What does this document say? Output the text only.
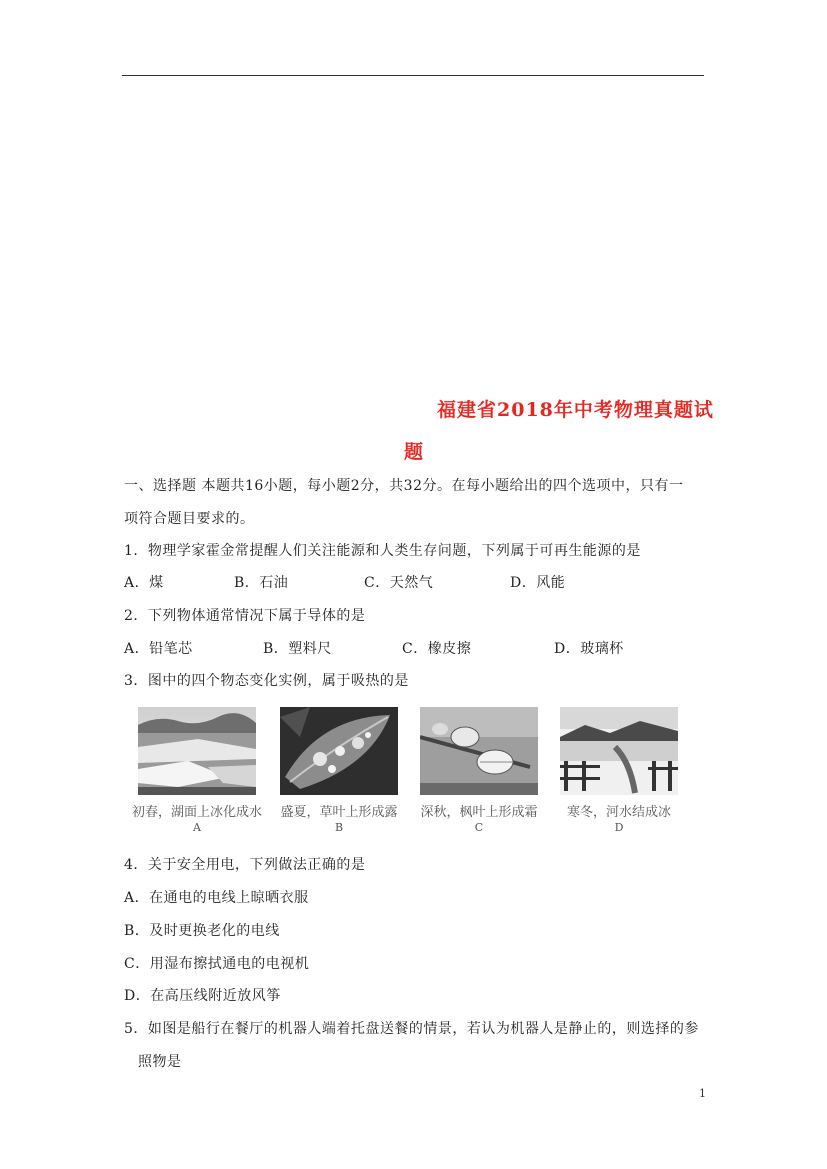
福建省2018年中考物理真题试
题
一、选择题 本题共16小题，每小题2分，共32分。在每小题给出的四个选项中，只有一
项符合题目要求的。
1．物理学家霍金常提醒人们关注能源和人类生存问题，下列属于可再生能源的是
A．煤	B．石油	C．天然气	D．风能
2．下列物体通常情况下属于导体的是
A．铅笔芯	B．塑料尺	C．橡皮擦	D．玻璃杯
3．图中的四个物态变化实例，属于吸热的是
初春，湖面上冰化成水
A
盛夏，草叶上形成露
B
深秋，枫叶上形成霜
C
寒冬，河水结成冰
D
4．关于安全用电，下列做法正确的是
A．在通电的电线上晾晒衣服
B．及时更换老化的电线
C．用湿布擦拭通电的电视机
D．在高压线附近放风筝
5．如图是船行在餐厅的机器人端着托盘送餐的情景，若认为机器人是静止的，则选择的参
照物是
1
